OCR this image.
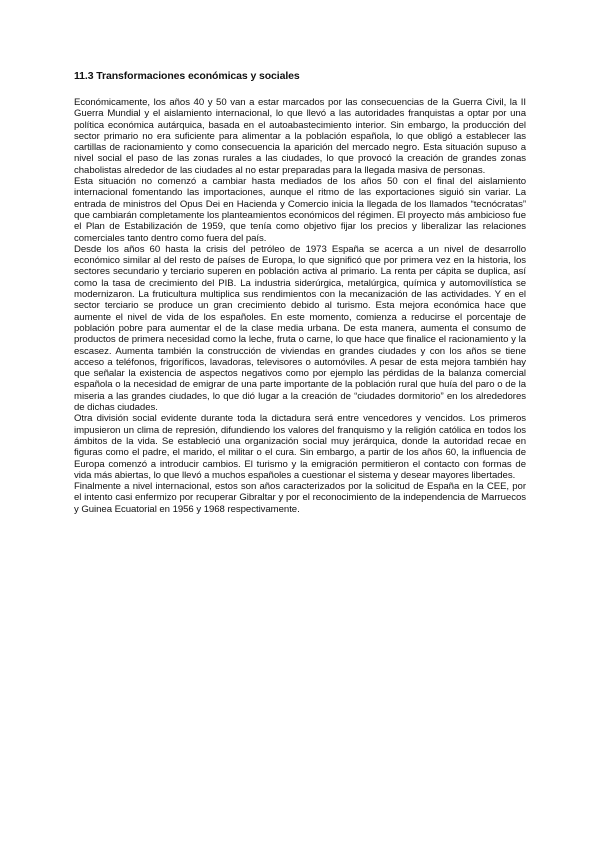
11.3 Transformaciones económicas y sociales

Económicamente, los años 40 y 50 van a estar marcados por las consecuencias de la Guerra Civil, la II Guerra Mundial y el aislamiento internacional, lo que llevó a las autoridades franquistas a optar por una política económica autárquica, basada en el autoabastecimiento interior. Sin embargo, la producción del sector primario no era suficiente para alimentar a la población española, lo que obligó a establecer las cartillas de racionamiento y como consecuencia la aparición del mercado negro. Esta situación supuso a nivel social el paso de las zonas rurales a las ciudades, lo que provocó la creación de grandes zonas chabolistas alrededor de las ciudades al no estar preparadas para la llegada masiva de personas.

Esta situación no comenzó a cambiar hasta mediados de los años 50 con el final del aislamiento internacional fomentando las importaciones, aunque el ritmo de las exportaciones siguió sin variar. La entrada de ministros del Opus Dei en Hacienda y Comercio inicia la llegada de los llamados “tecnócratas” que cambiarán completamente los planteamientos económicos del régimen. El proyecto más ambicioso fue el Plan de Estabilización de 1959, que tenía como objetivo fijar los precios y liberalizar las relaciones comerciales tanto dentro como fuera del país.

Desde los años 60 hasta la crisis del petróleo de 1973 España se acerca a un nivel de desarrollo económico similar al del resto de países de Europa, lo que significó que por primera vez en la historia, los sectores secundario y terciario superen en población activa al primario. La renta per cápita se duplica, así como la tasa de crecimiento del PIB. La industria siderúrgica, metalúrgica, química y automovilística se modernizaron. La fruticultura multiplica sus rendimientos con la mecanización de las actividades. Y en el sector terciario se produce un gran crecimiento debido al turismo. Esta mejora económica hace que aumente el nivel de vida de los españoles. En este momento, comienza a reducirse el porcentaje de población pobre para aumentar el de la clase media urbana. De esta manera, aumenta el consumo de productos de primera necesidad como la leche, fruta o carne, lo que hace que finalice el racionamiento y la escasez. Aumenta también la construcción de viviendas en grandes ciudades y con los años se tiene acceso a teléfonos, frigoríficos, lavadoras, televisores o automóviles. A pesar de esta mejora también hay que señalar la existencia de aspectos negativos como por ejemplo las pérdidas de la balanza comercial española o la necesidad de emigrar de una parte importante de la población rural que huía del paro o de la miseria a las grandes ciudades, lo que dió lugar a la creación de “ciudades dormitorio” en los alrededores de dichas ciudades.

Otra división social evidente durante toda la dictadura será entre vencedores y vencidos. Los primeros impusieron un clima de represión, difundiendo los valores del franquismo y la religión católica en todos los ámbitos de la vida. Se estableció una organización social muy jerárquica, donde la autoridad recae en figuras como el padre, el marido, el militar o el cura. Sin embargo, a partir de los años 60, la influencia de Europa comenzó a introducir cambios. El turismo y la emigración permitieron el contacto con formas de vida más abiertas, lo que llevó a muchos españoles a cuestionar el sistema y desear mayores libertades.

Finalmente a nivel internacional, estos son años caracterizados por la solicitud de España en la CEE, por el intento casi enfermizo por recuperar Gibraltar y por el reconocimiento de la independencia de Marruecos y Guinea Ecuatorial en 1956 y 1968 respectivamente.
